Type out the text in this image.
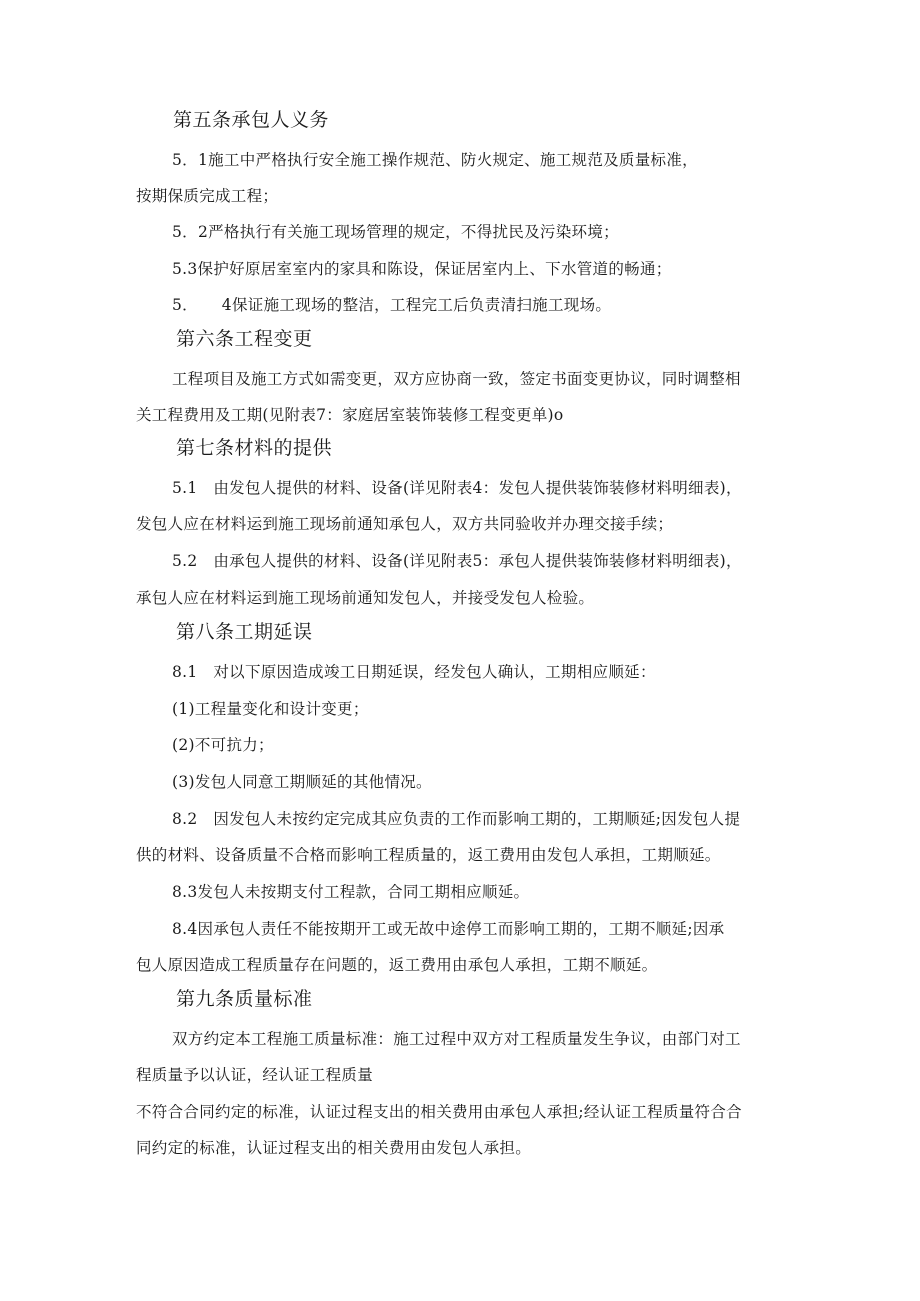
第五条承包人义务
5．1施工中严格执行安全施工操作规范、防火规定、施工规范及质量标准，
按期保质完成工程；
5．2严格执行有关施工现场管理的规定，不得扰民及污染环境；
5.3保护好原居室室内的家具和陈设，保证居室内上、下水管道的畅通；
5．　　4保证施工现场的整洁，工程完工后负责清扫施工现场。
第六条工程变更
工程项目及施工方式如需变更，双方应协商一致，签定书面变更协议，同时调整相
关工程费用及工期(见附表7：家庭居室装饰装修工程变更单)o
第七条材料的提供
5.1　由发包人提供的材料、设备(详见附表4：发包人提供装饰装修材料明细表)，
发包人应在材料运到施工现场前通知承包人，双方共同验收并办理交接手续；
5.2　由承包人提供的材料、设备(详见附表5：承包人提供装饰装修材料明细表)，
承包人应在材料运到施工现场前通知发包人，并接受发包人检验。
第八条工期延误
8.1　对以下原因造成竣工日期延误，经发包人确认，工期相应顺延：
(1)工程量变化和设计变更；
(2)不可抗力；
(3)发包人同意工期顺延的其他情况。
8.2　因发包人未按约定完成其应负责的工作而影响工期的，工期顺延;因发包人提
供的材料、设备质量不合格而影响工程质量的，返工费用由发包人承担，工期顺延。
8.3发包人未按期支付工程款，合同工期相应顺延。
8.4因承包人责任不能按期开工或无故中途停工而影响工期的，工期不顺延;因承
包人原因造成工程质量存在问题的，返工费用由承包人承担，工期不顺延。
第九条质量标准
双方约定本工程施工质量标准：施工过程中双方对工程质量发生争议，由部门对工
程质量予以认证，经认证工程质量
不符合合同约定的标准，认证过程支出的相关费用由承包人承担;经认证工程质量符合合
同约定的标准，认证过程支出的相关费用由发包人承担。
